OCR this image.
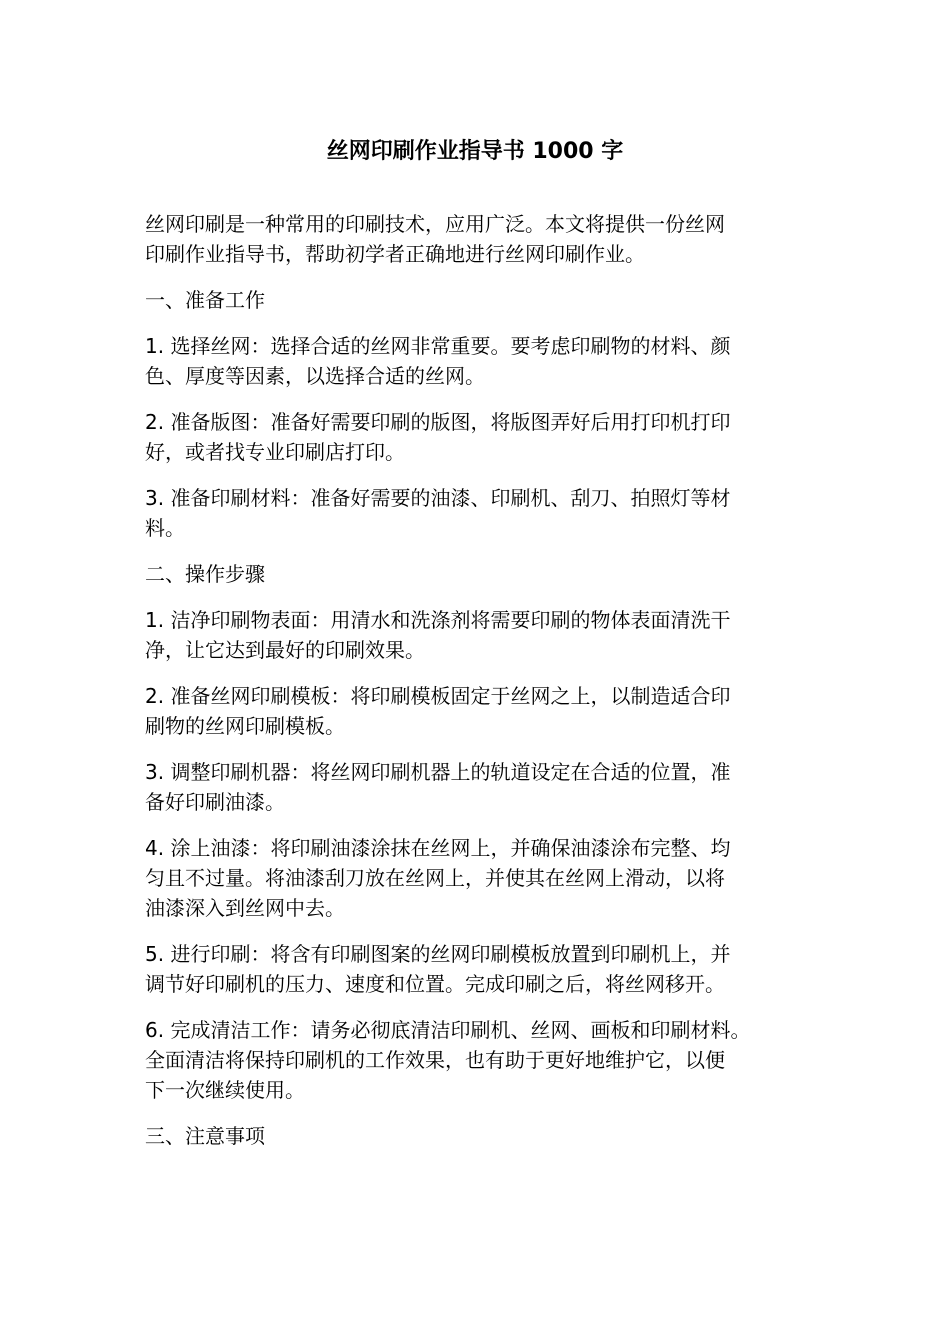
丝网印刷作业指导书 1000 字

丝网印刷是一种常用的印刷技术，应用广泛。本文将提供一份丝网
印刷作业指导书，帮助初学者正确地进行丝网印刷作业。

一、准备工作

1. 选择丝网：选择合适的丝网非常重要。要考虑印刷物的材料、颜
色、厚度等因素，以选择合适的丝网。

2. 准备版图：准备好需要印刷的版图，将版图弄好后用打印机打印
好，或者找专业印刷店打印。

3. 准备印刷材料：准备好需要的油漆、印刷机、刮刀、拍照灯等材
料。

二、操作步骤

1. 洁净印刷物表面：用清水和洗涤剂将需要印刷的物体表面清洗干
净，让它达到最好的印刷效果。

2. 准备丝网印刷模板：将印刷模板固定于丝网之上，以制造适合印
刷物的丝网印刷模板。

3. 调整印刷机器：将丝网印刷机器上的轨道设定在合适的位置，准
备好印刷油漆。

4. 涂上油漆：将印刷油漆涂抹在丝网上，并确保油漆涂布完整、均
匀且不过量。将油漆刮刀放在丝网上，并使其在丝网上滑动，以将
油漆深入到丝网中去。

5. 进行印刷：将含有印刷图案的丝网印刷模板放置到印刷机上，并
调节好印刷机的压力、速度和位置。完成印刷之后，将丝网移开。

6. 完成清洁工作：请务必彻底清洁印刷机、丝网、画板和印刷材料。
全面清洁将保持印刷机的工作效果，也有助于更好地维护它，以便
下一次继续使用。

三、注意事项
